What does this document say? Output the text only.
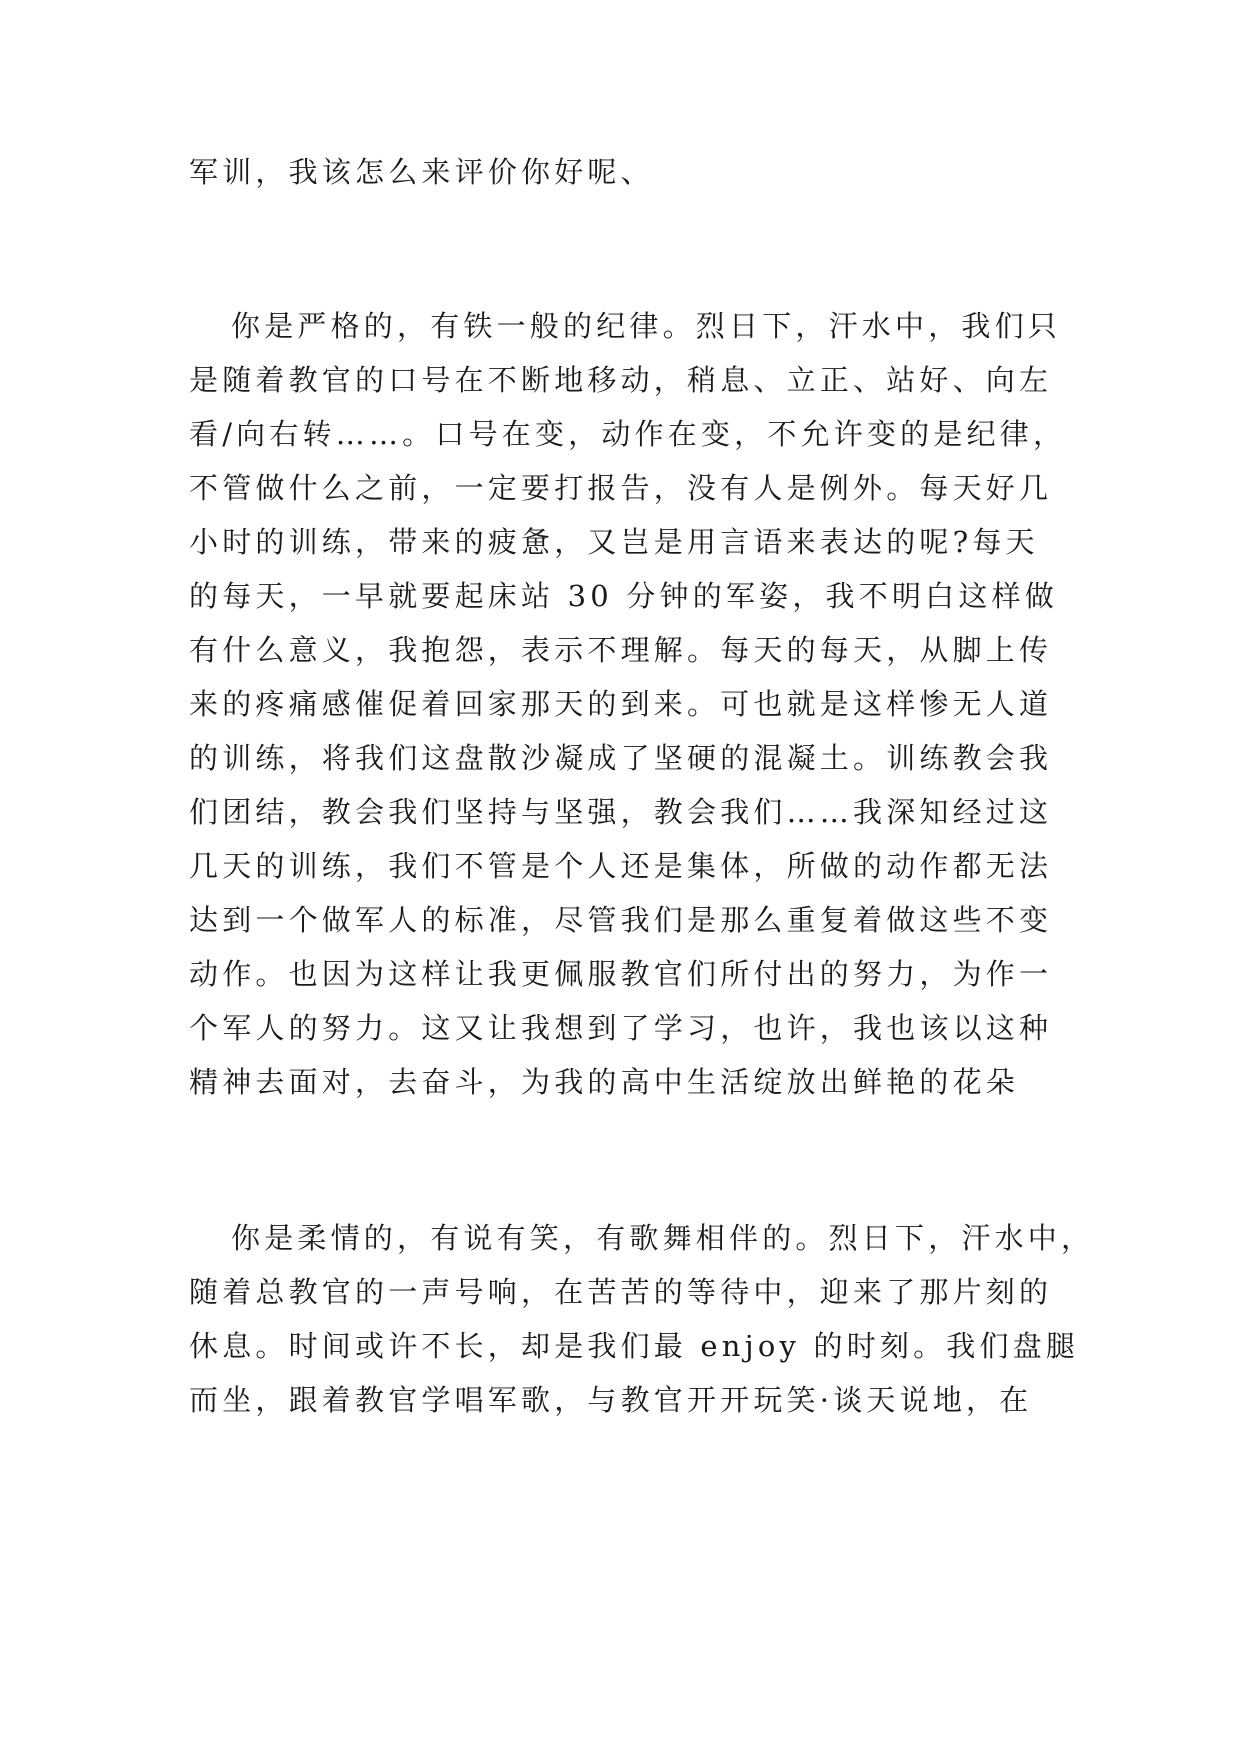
军训，我该怎么来评价你好呢、
你是严格的，有铁一般的纪律。烈日下，汗水中，我们只
是随着教官的口号在不断地移动，稍息、立正、站好、向左
看/向右转……。口号在变，动作在变，不允许变的是纪律，
不管做什么之前，一定要打报告，没有人是例外。每天好几
小时的训练，带来的疲惫，又岂是用言语来表达的呢?每天
的每天，一早就要起床站 30 分钟的军姿，我不明白这样做
有什么意义，我抱怨，表示不理解。每天的每天，从脚上传
来的疼痛感催促着回家那天的到来。可也就是这样惨无人道
的训练，将我们这盘散沙凝成了坚硬的混凝土。训练教会我
们团结，教会我们坚持与坚强，教会我们……我深知经过这
几天的训练，我们不管是个人还是集体，所做的动作都无法
达到一个做军人的标准，尽管我们是那么重复着做这些不变
动作。也因为这样让我更佩服教官们所付出的努力，为作一
个军人的努力。这又让我想到了学习，也许，我也该以这种
精神去面对，去奋斗，为我的高中生活绽放出鲜艳的花朵
你是柔情的，有说有笑，有歌舞相伴的。烈日下，汗水中，
随着总教官的一声号响，在苦苦的等待中，迎来了那片刻的
休息。时间或许不长，却是我们最 enjoy 的时刻。我们盘腿
而坐，跟着教官学唱军歌，与教官开开玩笑·谈天说地，在
